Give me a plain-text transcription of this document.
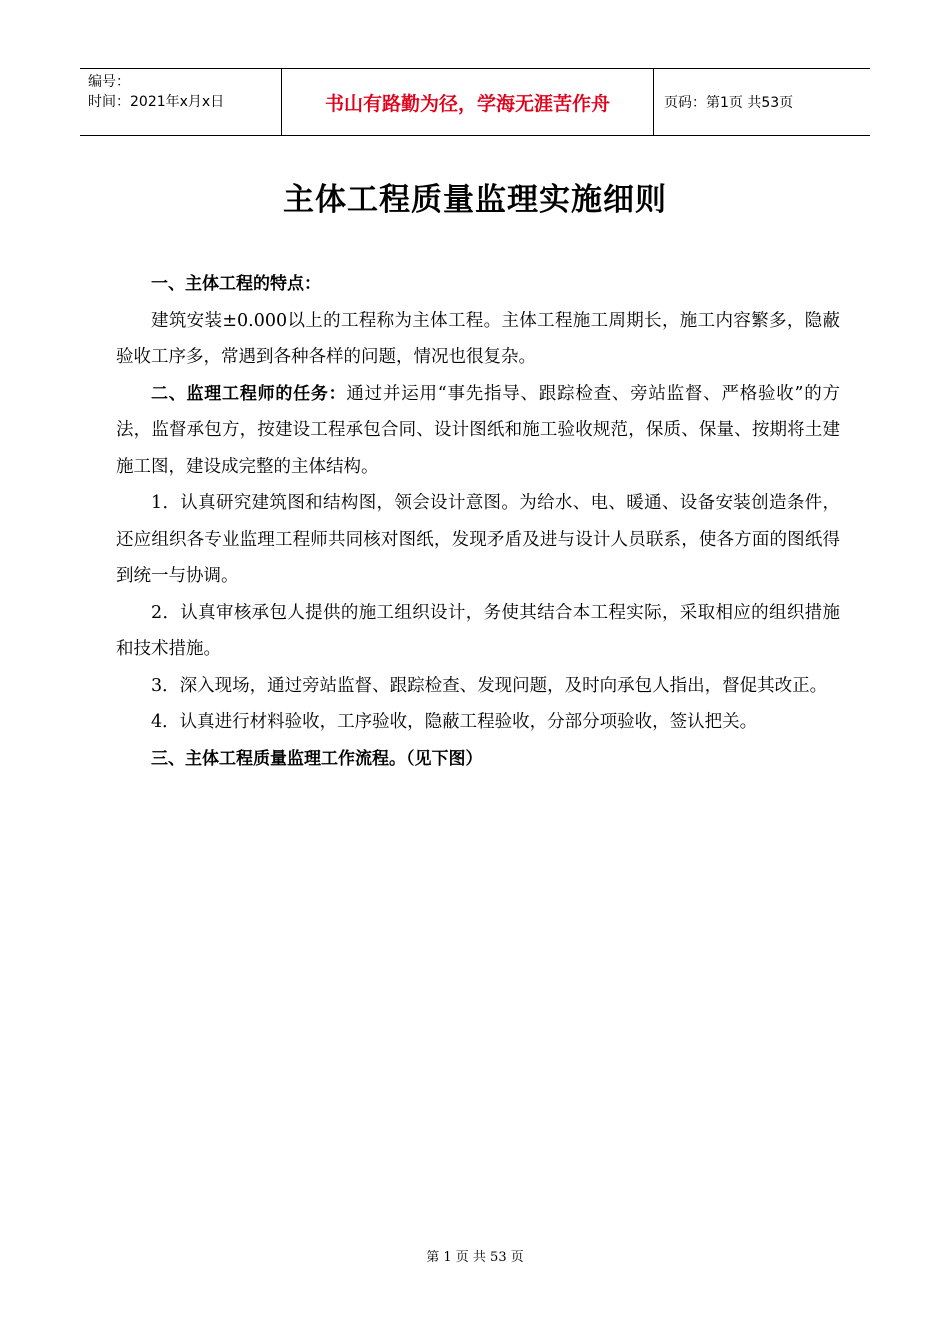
编号：
时间：2021年x月x日	书山有路勤为径，学海无涯苦作舟	页码：第1页 共53页
主体工程质量监理实施细则

一、主体工程的特点：

建筑安装±0.000以上的工程称为主体工程。主体工程施工周期长，施工内容繁多，隐蔽验收工序多，常遇到各种各样的问题，情况也很复杂。

二、监理工程师的任务：通过并运用“事先指导、跟踪检查、旁站监督、严格验收”的方法，监督承包方，按建设工程承包合同、设计图纸和施工验收规范，保质、保量、按期将土建施工图，建设成完整的主体结构。

1．认真研究建筑图和结构图，领会设计意图。为给水、电、暖通、设备安装创造条件，还应组织各专业监理工程师共同核对图纸，发现矛盾及进与设计人员联系，使各方面的图纸得到统一与协调。

2．认真审核承包人提供的施工组织设计，务使其结合本工程实际，采取相应的组织措施和技术措施。

3．深入现场，通过旁站监督、跟踪检查、发现问题，及时向承包人指出，督促其改正。

4．认真进行材料验收，工序验收，隐蔽工程验收，分部分项验收，签认把关。

三、主体工程质量监理工作流程。（见下图）

第 1 页 共 53 页
